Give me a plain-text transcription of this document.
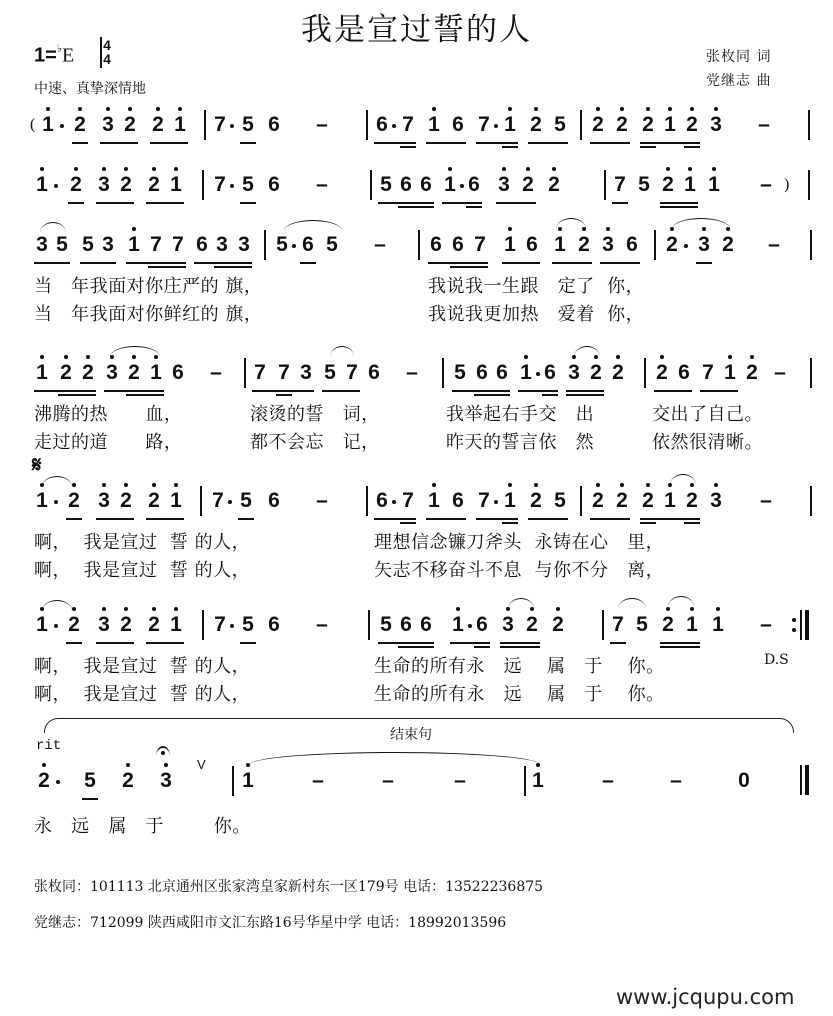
我是宣过誓的人
1=♭E 4
4
中速、真挚深情地
张枚同 词
党继志 曲
( 1 2 3 2 2 1 7 5 6 – 6 7 1 6 7 1 2 5 2 2 2 1 2 3 –
1 2 3 2 2 1 7 5 6 – 5 6 6 1 6 3 2 2	7 5 2 1 1 – )
3 5 5 3 1 7 7 6 3 3 5 6 5 – 6 6 7 1 6 1 2 3 6 2 3 2 –
当   年我面对你庄严的 旗，	我说我一生跟   定了  你，
当   年我面对你鲜红的 旗，	我说我更加热   爱着  你，
1 2 2 3 2 1 6 – 7 7 3 5 7 6 – 5 6 6 1 6 3 2 2 2 6 7 1 2 –
沸腾的热      血，	滚烫的誓   词，	我举起右手交   出	交出了自己。
走过的道      路，	都不会忘   记，	昨天的誓言依   然	依然很清晰。
𝄋
1 2 3 2 2 1 7 5 6 – 6 7 1 6 7 1 2 5 2 2 2 1 2 3 –
啊，  我是宣过  誓 的人，	理想信念镰刀斧头  永铸在心   里，
啊，  我是宣过  誓 的人，	矢志不移奋斗不息  与你不分   离，
1 2 3 2 2 1 7 5 6 – 5 6 6 1 6 3 2 2 7 5 2 1 1 –
啊，  我是宣过  誓 的人，	生命的所有永   远    属   于    你。
啊，  我是宣过  誓 的人，	生命的所有永   远    属   于    你。
D.S
结束句
rit
V
2 5 2 3	1	–	–	–	1	–	–	0
永   远   属   于        你。
张枚同：101113 北京通州区张家湾皇家新村东一区179号 电话：13522236875
党继志：712099 陕西咸阳市文汇东路16号华星中学 电话：18992013596
www.jcqupu.com
